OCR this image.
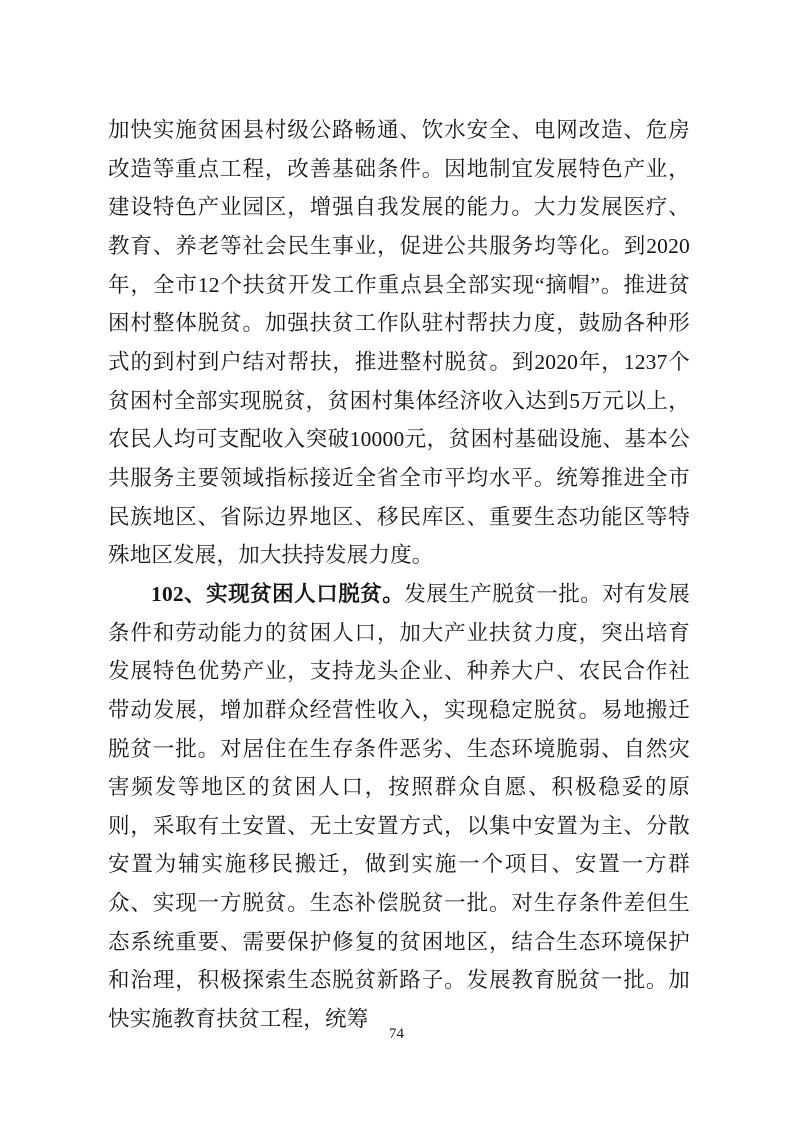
加快实施贫困县村级公路畅通、饮水安全、电网改造、危房改造等重点工程，改善基础条件。因地制宜发展特色产业，建设特色产业园区，增强自我发展的能力。大力发展医疗、教育、养老等社会民生事业，促进公共服务均等化。到2020年，全市12个扶贫开发工作重点县全部实现“摘帽”。推进贫困村整体脱贫。加强扶贫工作队驻村帮扶力度，鼓励各种形式的到村到户结对帮扶，推进整村脱贫。到2020年，1237个贫困村全部实现脱贫，贫困村集体经济收入达到5万元以上，农民人均可支配收入突破10000元，贫困村基础设施、基本公共服务主要领域指标接近全省全市平均水平。统筹推进全市民族地区、省际边界地区、移民库区、重要生态功能区等特殊地区发展，加大扶持发展力度。

102、实现贫困人口脱贫。发展生产脱贫一批。对有发展条件和劳动能力的贫困人口，加大产业扶贫力度，突出培育发展特色优势产业，支持龙头企业、种养大户、农民合作社带动发展，增加群众经营性收入，实现稳定脱贫。易地搬迁脱贫一批。对居住在生存条件恶劣、生态环境脆弱、自然灾害频发等地区的贫困人口，按照群众自愿、积极稳妥的原则，采取有土安置、无土安置方式，以集中安置为主、分散安置为辅实施移民搬迁，做到实施一个项目、安置一方群众、实现一方脱贫。生态补偿脱贫一批。对生存条件差但生态系统重要、需要保护修复的贫困地区，结合生态环境保护和治理，积极探索生态脱贫新路子。发展教育脱贫一批。加快实施教育扶贫工程，统筹

74
